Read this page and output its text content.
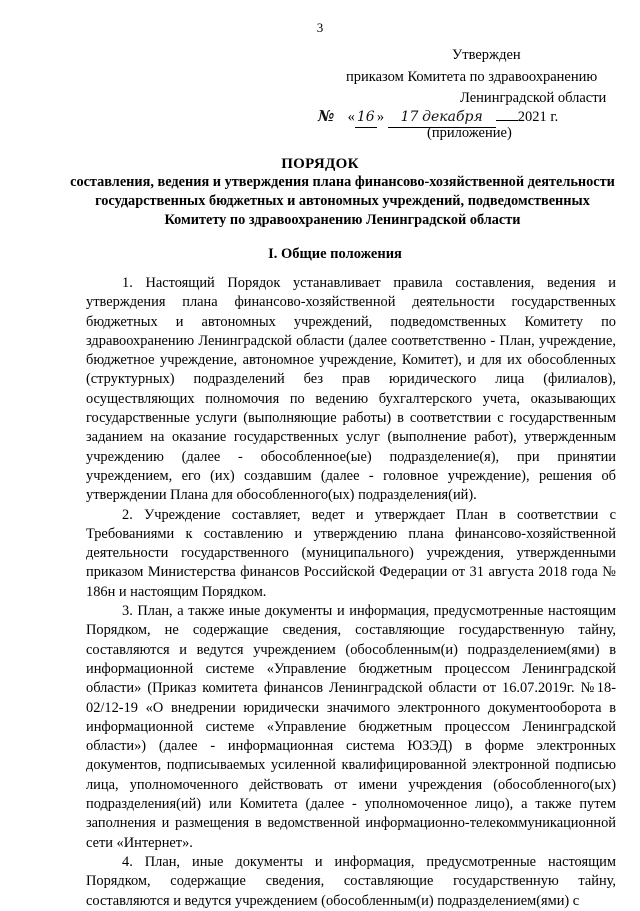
3
Утвержден
приказом Комитета по здравоохранению
Ленинградской области
№ « 16 » 17 декабря 2021 г.
(приложение)
ПОРЯДОК
составления, ведения и утверждения плана финансово-хозяйственной деятельности государственных бюджетных и автономных учреждений, подведомственных Комитету по здравоохранению Ленинградской области
I. Общие положения

1. Настоящий Порядок устанавливает правила составления, ведения и утверждения плана финансово-хозяйственной деятельности государственных бюджетных и автономных учреждений, подведомственных Комитету по здравоохранению Ленинградской области (далее соответственно - План, учреждение, бюджетное учреждение, автономное учреждение, Комитет), и для их обособленных (структурных) подразделений без прав юридического лица (филиалов), осуществляющих полномочия по ведению бухгалтерского учета, оказывающих государственные услуги (выполняющие работы) в соответствии с государственным заданием на оказание государственных услуг (выполнение работ), утвержденным учреждению (далее - обособленное(ые) подразделение(я), при принятии учреждением, его (их) создавшим (далее - головное учреждение), решения об утверждении Плана для обособленного(ых) подразделения(ий).

2. Учреждение составляет, ведет и утверждает План в соответствии с Требованиями к составлению и утверждению плана финансово-хозяйственной деятельности государственного (муниципального) учреждения, утвержденными приказом Министерства финансов Российской Федерации от 31 августа 2018 года № 186н и настоящим Порядком.

3. План, а также иные документы и информация, предусмотренные настоящим Порядком, не содержащие сведения, составляющие государственную тайну, составляются и ведутся учреждением (обособленным(и) подразделением(ями) в информационной системе «Управление бюджетным процессом Ленинградской области» (Приказ комитета финансов Ленинградской области от 16.07.2019г. №18-02/12-19 «О внедрении юридически значимого электронного документооборота в информационной системе «Управление бюджетным процессом Ленинградской области») (далее - информационная система ЮЗЭД) в форме электронных документов, подписываемых усиленной квалифицированной электронной подписью лица, уполномоченного действовать от имени учреждения (обособленного(ых) подразделения(ий) или Комитета (далее - уполномоченное лицо), а также путем заполнения и размещения в ведомственной информационно-телекоммуникационной сети «Интернет».

4. План, иные документы и информация, предусмотренные настоящим Порядком, содержащие сведения, составляющие государственную тайну, составляются и ведутся учреждением (обособленным(и) подразделением(ями) с
